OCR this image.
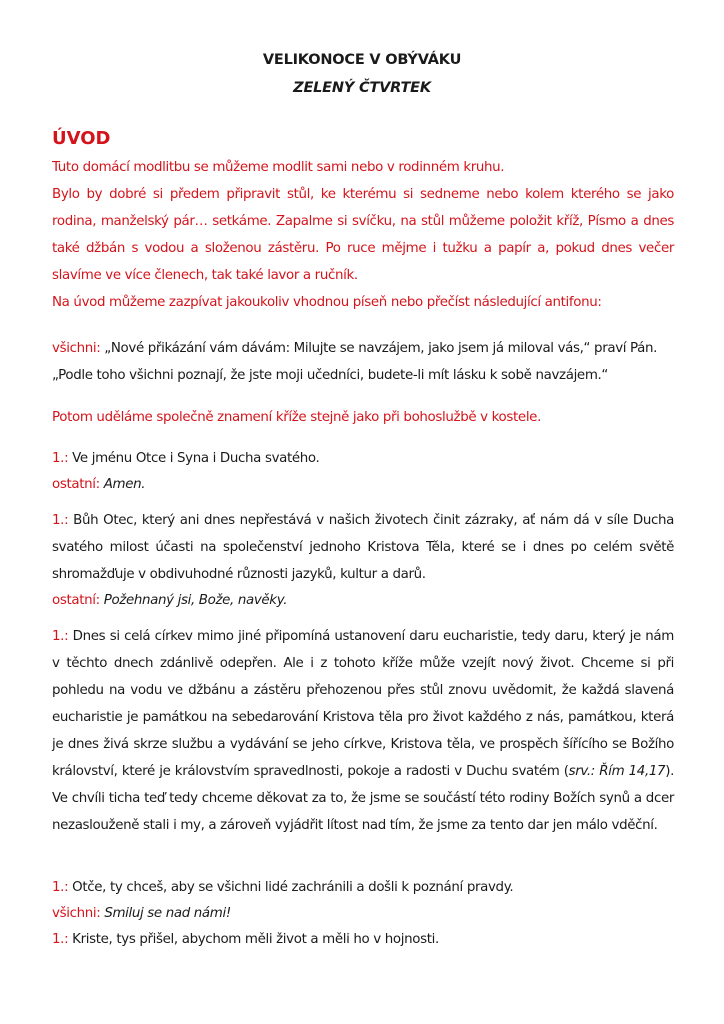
VELIKONOCE V OBÝVÁKU
ZELENÝ ČTVRTEK
ÚVOD

Tuto domácí modlitbu se můžeme modlit sami nebo v rodinném kruhu.

Bylo by dobré si předem připravit stůl, ke kterému si sedneme nebo kolem kterého se jako rodina, manželský pár… setkáme. Zapalme si svíčku, na stůl můžeme položit kříž, Písmo a dnes také džbán s vodou a složenou zástěru. Po ruce mějme i tužku a papír a, pokud dnes večer slavíme ve více členech, tak také lavor a ručník.

Na úvod můžeme zazpívat jakoukoliv vhodnou píseň nebo přečíst následující antifonu:

všichni: „Nové přikázání vám dávám: Milujte se navzájem, jako jsem já miloval vás,“ praví Pán.

„Podle toho všichni poznají, že jste moji učedníci, budete-li mít lásku k sobě navzájem.“

Potom uděláme společně znamení kříže stejně jako při bohoslužbě v kostele.

1.: Ve jménu Otce i Syna i Ducha svatého.

ostatní: Amen.

1.: Bůh Otec, který ani dnes nepřestává v našich životech činit zázraky, ať nám dá v síle Ducha svatého milost účasti na společenství jednoho Kristova Těla, které se i dnes po celém světě shromažďuje v obdivuhodné různosti jazyků, kultur a darů.

ostatní: Požehnaný jsi, Bože, navěky.

1.: Dnes si celá církev mimo jiné připomíná ustanovení daru eucharistie, tedy daru, který je nám v těchto dnech zdánlivě odepřen. Ale i z tohoto kříže může vzejít nový život. Chceme si při pohledu na vodu ve džbánu a zástěru přehozenou přes stůl znovu uvědomit, že každá slavená eucharistie je památkou na sebedarování Kristova těla pro život každého z nás, památkou, která je dnes živá skrze službu a vydávání se jeho církve, Kristova těla, ve prospěch šířícího se Božího království, které je královstvím spravedlnosti, pokoje a radosti v Duchu svatém (srv.: Řím 14,17). Ve chvíli ticha teď tedy chceme děkovat za to, že jsme se součástí této rodiny Božích synů a dcer nezaslouženě stali i my, a zároveň vyjádřit lítost nad tím, že jsme za tento dar jen málo vděční.

1.: Otče, ty chceš, aby se všichni lidé zachránili a došli k poznání pravdy.

všichni: Smiluj se nad námi!

1.: Kriste, tys přišel, abychom měli život a měli ho v hojnosti.
